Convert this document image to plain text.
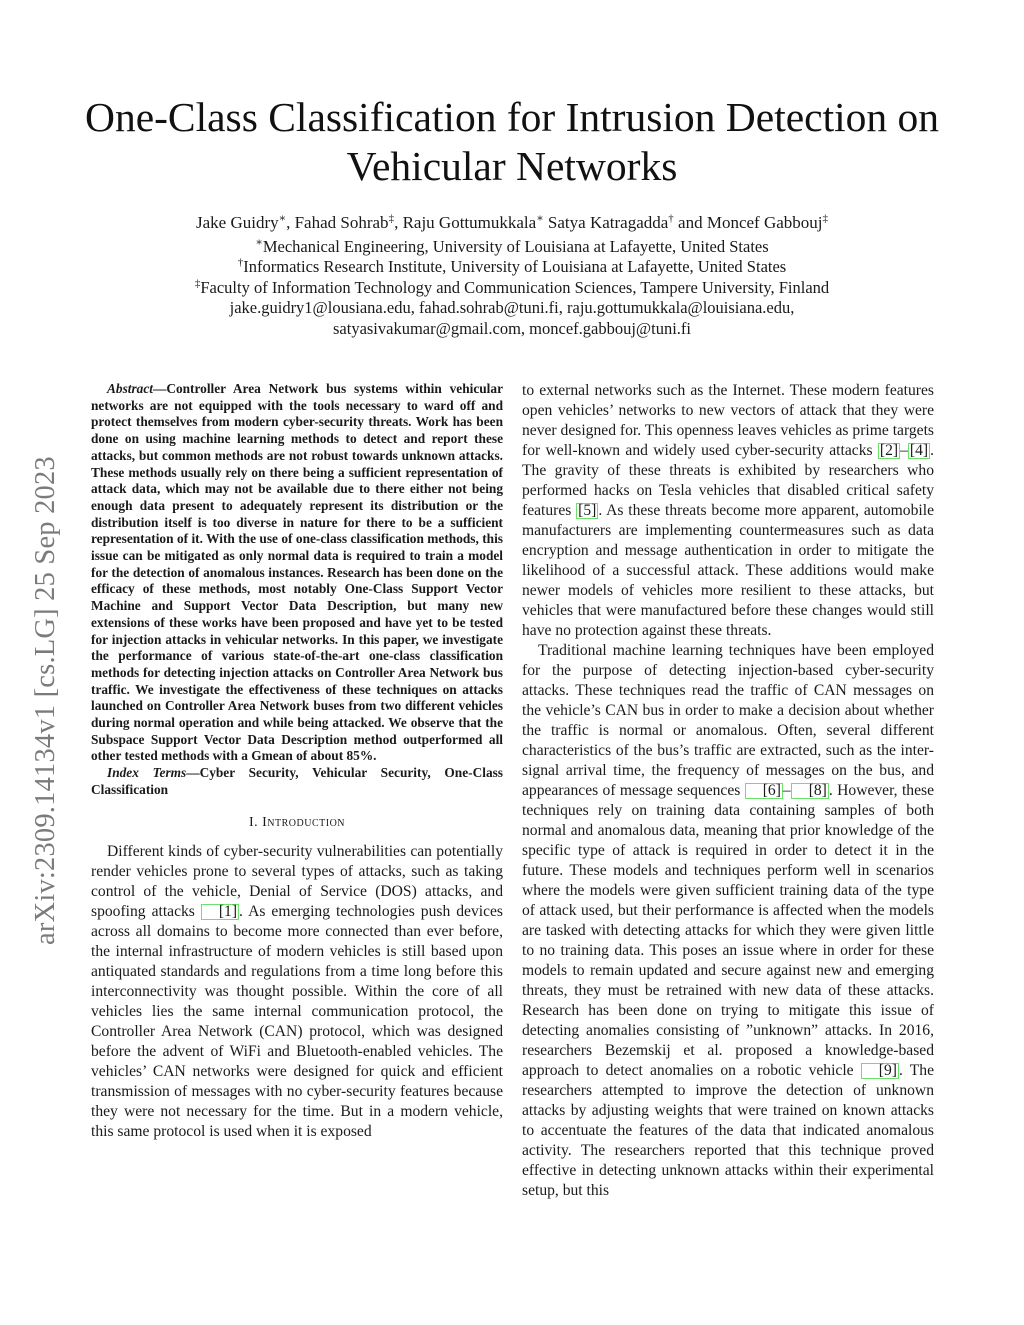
arXiv:2309.14134v1 [cs.LG] 25 Sep 2023
One-Class Classification for Intrusion Detection on Vehicular Networks
Jake Guidry∗, Fahad Sohrab‡, Raju Gottumukkala∗ Satya Katragadda† and Moncef Gabbouj‡
∗Mechanical Engineering, University of Louisiana at Lafayette, United States
†Informatics Research Institute, University of Louisiana at Lafayette, United States
‡Faculty of Information Technology and Communication Sciences, Tampere University, Finland
jake.guidry1@lousiana.edu, fahad.sohrab@tuni.fi, raju.gottumukkala@louisiana.edu,
satyasivakumar@gmail.com, moncef.gabbouj@tuni.fi

Abstract—Controller Area Network bus systems within vehicular networks are not equipped with the tools necessary to ward off and protect themselves from modern cyber-security threats. Work has been done on using machine learning methods to detect and report these attacks, but common methods are not robust towards unknown attacks. These methods usually rely on there being a sufficient representation of attack data, which may not be available due to there either not being enough data present to adequately represent its distribution or the distribution itself is too diverse in nature for there to be a sufficient representation of it. With the use of one-class classification methods, this issue can be mitigated as only normal data is required to train a model for the detection of anomalous instances. Research has been done on the efficacy of these methods, most notably One-Class Support Vector Machine and Support Vector Data Description, but many new extensions of these works have been proposed and have yet to be tested for injection attacks in vehicular networks. In this paper, we investigate the performance of various state-of-the-art one-class classification methods for detecting injection attacks on Controller Area Network bus traffic. We investigate the effectiveness of these techniques on attacks launched on Controller Area Network buses from two different vehicles during normal operation and while being attacked. We observe that the Subspace Support Vector Data Description method outperformed all other tested methods with a Gmean of about 85%.

Index Terms—Cyber Security, Vehicular Security, One-Class Classification

I. Introduction

Different kinds of cyber-security vulnerabilities can potentially render vehicles prone to several types of attacks, such as taking control of the vehicle, Denial of Service (DOS) attacks, and spoofing attacks [1] . As emerging technologies push devices across all domains to become more connected than ever before, the internal infrastructure of modern vehicles is still based upon antiquated standards and regulations from a time long before this interconnectivity was thought possible. Within the core of all vehicles lies the same internal communication protocol, the Controller Area Network (CAN) protocol, which was designed before the advent of WiFi and Bluetooth-enabled vehicles. The vehicles’ CAN networks were designed for quick and efficient transmission of messages with no cyber-security features because they were not necessary for the time. But in a modern vehicle, this same protocol is used when it is exposed

to external networks such as the Internet. These modern features open vehicles’ networks to new vectors of attack that they were never designed for. This openness leaves vehicles as prime targets for well-known and widely used cyber-security attacks [2] – [4] . The gravity of these threats is exhibited by researchers who performed hacks on Tesla vehicles that disabled critical safety features [5] . As these threats become more apparent, automobile manufacturers are implementing countermeasures such as data encryption and message authentication in order to mitigate the likelihood of a successful attack. These additions would make newer models of vehicles more resilient to these attacks, but vehicles that were manufactured before these changes would still have no protection against these threats.

Traditional machine learning techniques have been employed for the purpose of detecting injection-based cyber-security attacks. These techniques read the traffic of CAN messages on the vehicle’s CAN bus in order to make a decision about whether the traffic is normal or anomalous. Often, several different characteristics of the bus’s traffic are extracted, such as the inter-signal arrival time, the frequency of messages on the bus, and appearances of message sequences [6] – [8] . However, these techniques rely on training data containing samples of both normal and anomalous data, meaning that prior knowledge of the specific type of attack is required in order to detect it in the future. These models and techniques perform well in scenarios where the models were given sufficient training data of the type of attack used, but their performance is affected when the models are tasked with detecting attacks for which they were given little to no training data. This poses an issue where in order for these models to remain updated and secure against new and emerging threats, they must be retrained with new data of these attacks. Research has been done on trying to mitigate this issue of detecting anomalies consisting of ”unknown” attacks. In 2016, researchers Bezemskij et al. proposed a knowledge-based approach to detect anomalies on a robotic vehicle [9] . The researchers attempted to improve the detection of unknown attacks by adjusting weights that were trained on known attacks to accentuate the features of the data that indicated anomalous activity. The researchers reported that this technique proved effective in detecting unknown attacks within their experimental setup, but this
